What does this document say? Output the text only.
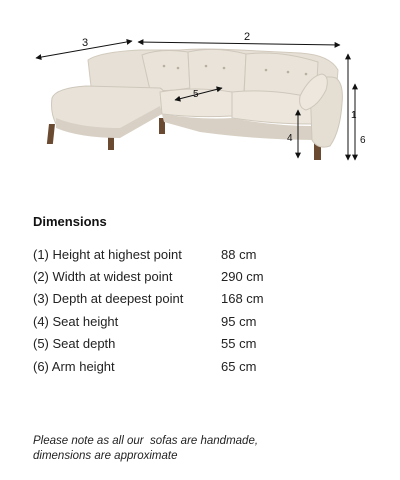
3	2
1
6
4
5
Dimensions
(1) Height at highest point	88 cm
(2) Width at widest point	290 cm
(3) Depth at deepest point	168 cm
(4) Seat height	95 cm
(5) Seat depth	55 cm
(6) Arm height	65 cm
Please note as all our  sofas are handmade,
dimensions are approximate
